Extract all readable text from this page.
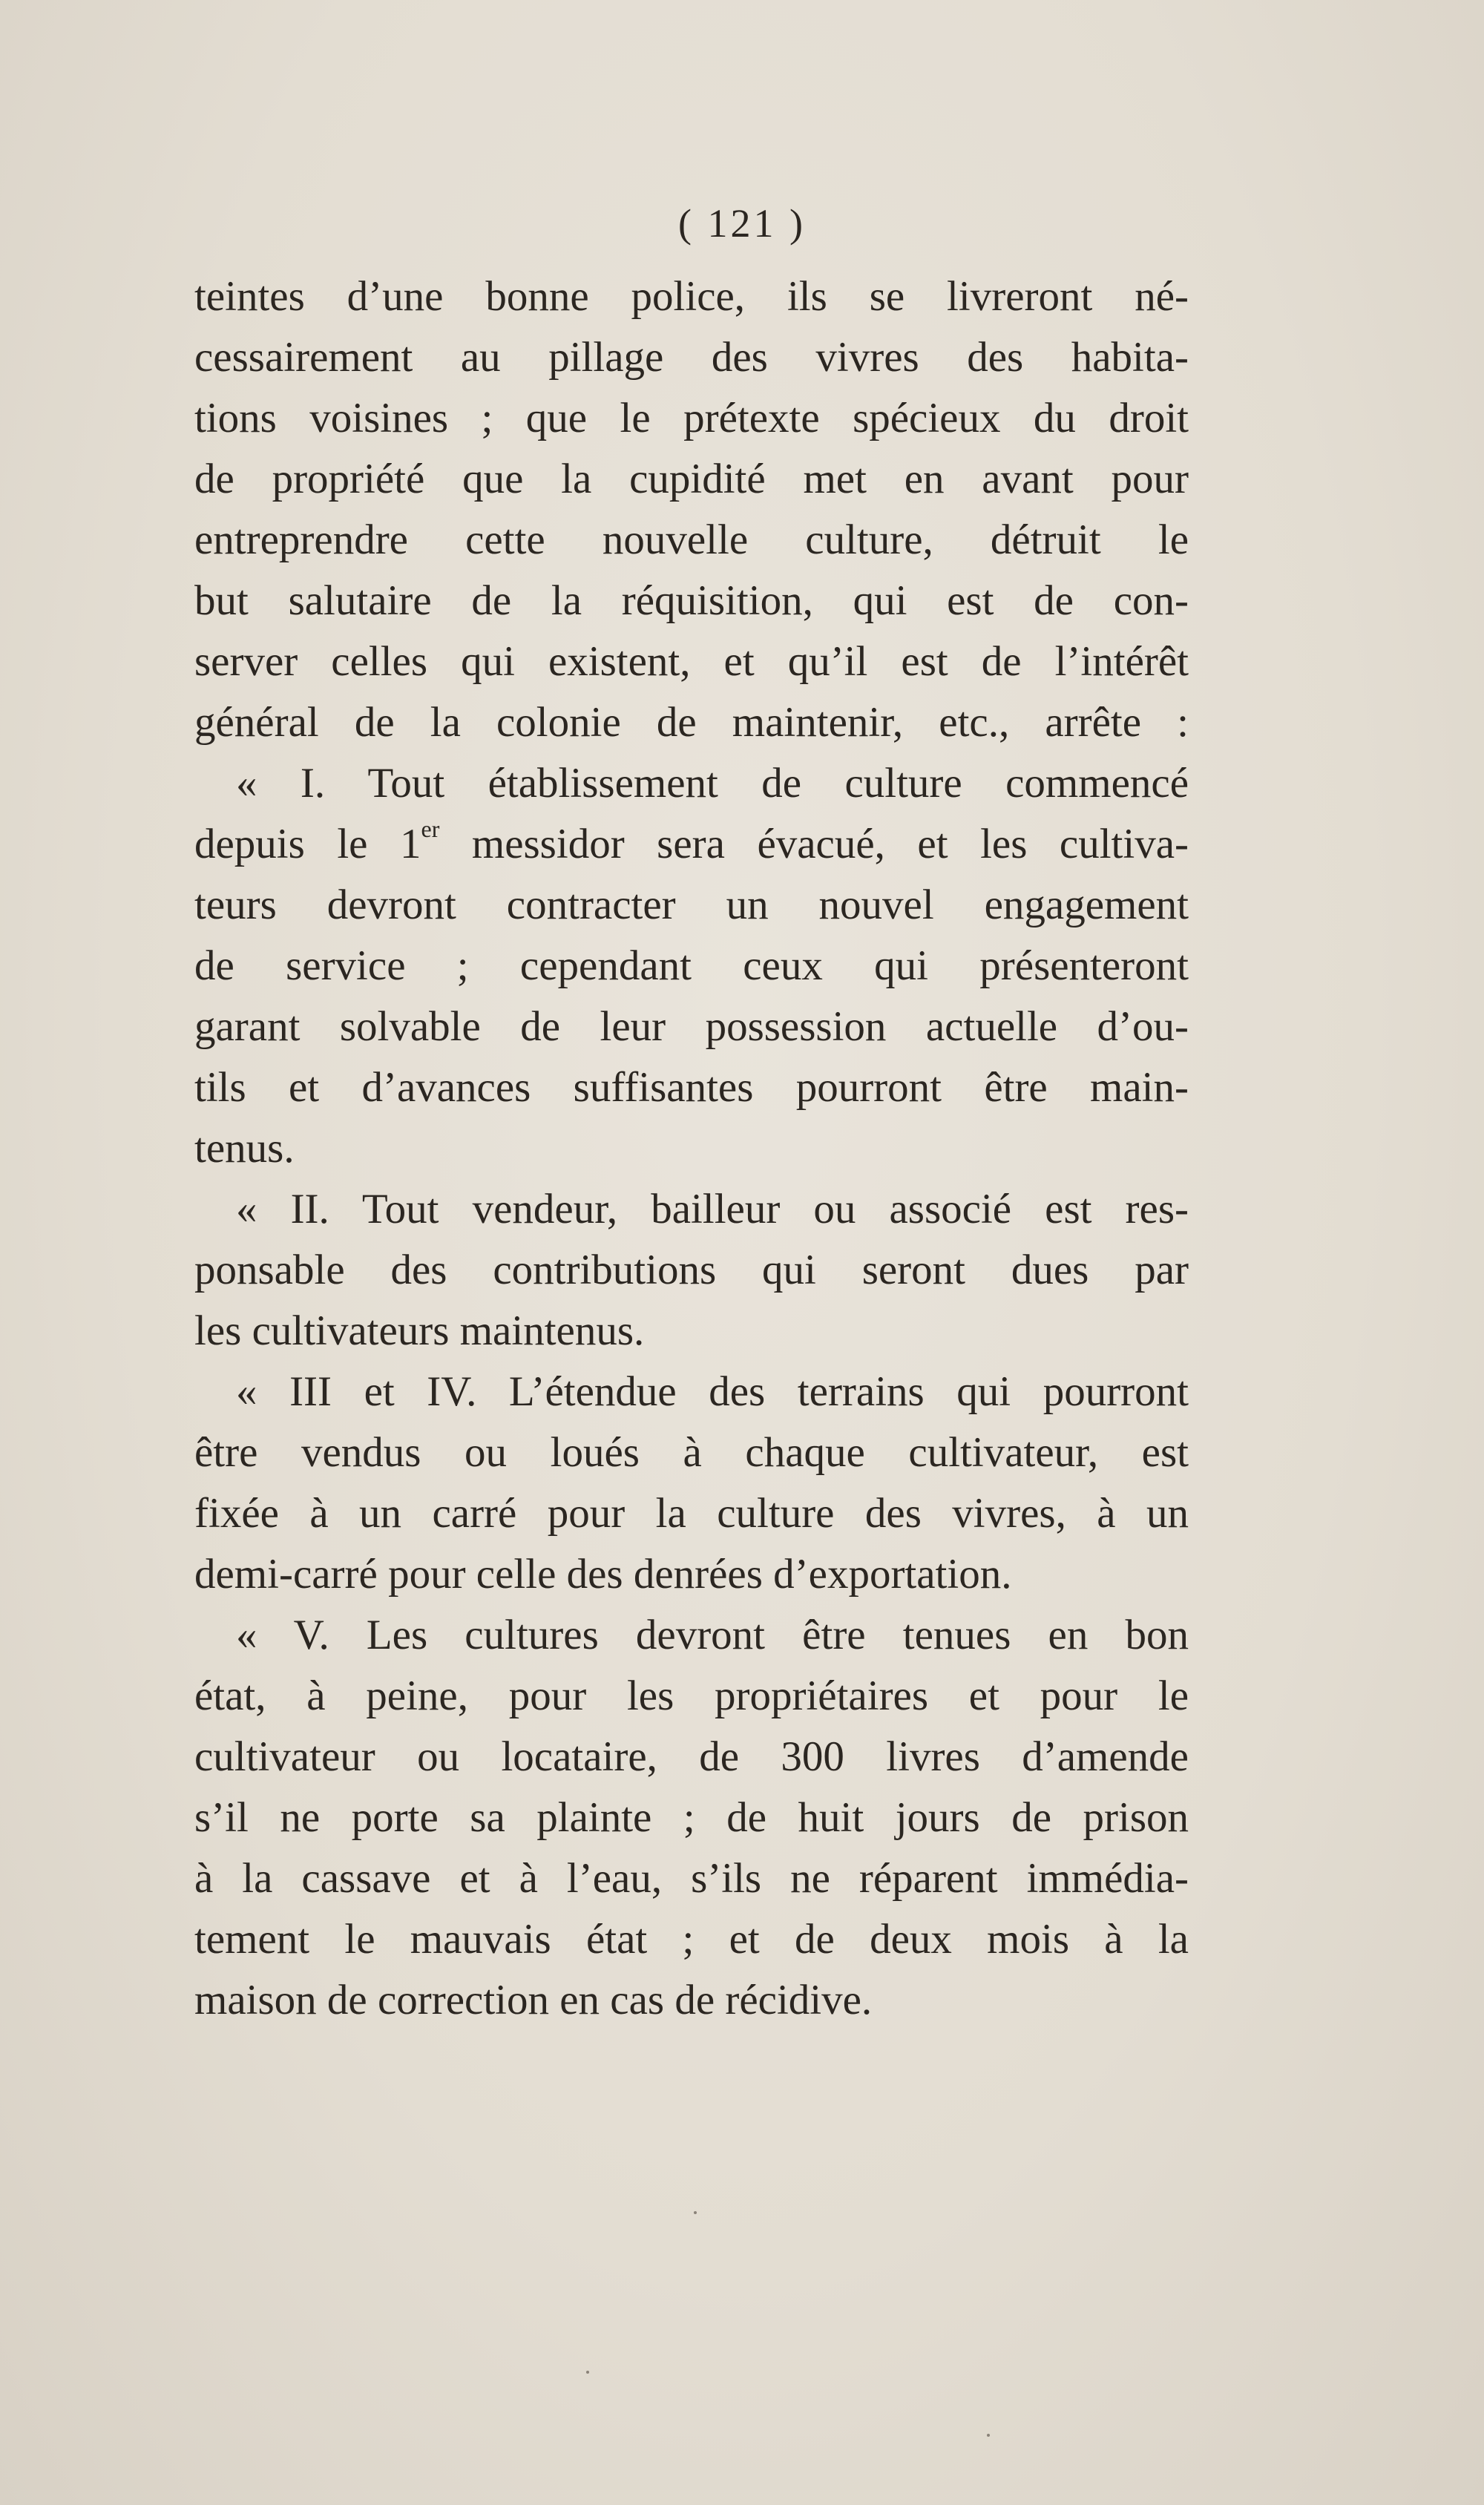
( 121 )
teintes d’une bonne police, ils se livreront né-
cessairement au pillage des vivres des habita-
tions voisines ; que le prétexte spécieux du droit
de propriété que la cupidité met en avant pour
entreprendre cette nouvelle culture, détruit le
but salutaire de la réquisition, qui est de con-
server celles qui existent, et qu’il est de l’intérêt
général de la colonie de maintenir, etc., arrête :
« I. Tout établissement de culture commencé
depuis le 1er messidor sera évacué, et les cultiva-
teurs devront contracter un nouvel engagement
de service ; cependant ceux qui présenteront
garant solvable de leur possession actuelle d’ou-
tils et d’avances suffisantes pourront être main-
tenus.
« II. Tout vendeur, bailleur ou associé est res-
ponsable des contributions qui seront dues par
les cultivateurs maintenus.
« III et IV. L’étendue des terrains qui pourront
être vendus ou loués à chaque cultivateur, est
fixée à un carré pour la culture des vivres, à un
demi-carré pour celle des denrées d’exportation.
« V. Les cultures devront être tenues en bon
état, à peine, pour les propriétaires et pour le
cultivateur ou locataire, de 300 livres d’amende
s’il ne porte sa plainte ; de huit jours de prison
à la cassave et à l’eau, s’ils ne réparent immédia-
tement le mauvais état ; et de deux mois à la
maison de correction en cas de récidive.
